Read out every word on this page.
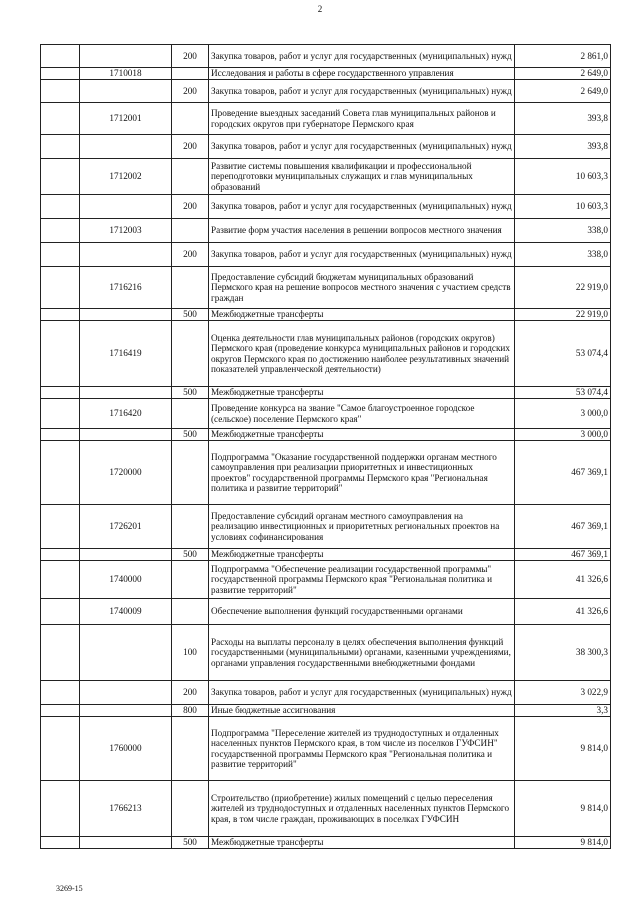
2
		200	Закупка товаров, работ и услуг для государственных (муниципальных) нужд	2 861,0
	1710018		Исследования и работы в сфере государственного управления	2 649,0
		200	Закупка товаров, работ и услуг для государственных (муниципальных) нужд	2 649,0
	1712001		Проведение выездных заседаний Совета глав муниципальных районов и городских округов при губернаторе Пермского края	393,8
		200	Закупка товаров, работ и услуг для государственных (муниципальных) нужд	393,8
	1712002		Развитие системы повышения квалификации и профессиональной переподготовки муниципальных служащих и глав муниципальных образований	10 603,3
		200	Закупка товаров, работ и услуг для государственных (муниципальных) нужд	10 603,3
	1712003		Развитие форм участия населения в решении вопросов местного значения	338,0
		200	Закупка товаров, работ и услуг для государственных (муниципальных) нужд	338,0
	1716216		Предоставление субсидий бюджетам муниципальных образований Пермского края на решение вопросов местного значения с участием средств граждан	22 919,0
		500	Межбюджетные трансферты	22 919,0
	1716419		Оценка деятельности глав муниципальных районов (городских округов) Пермского края (проведение конкурса муниципальных районов и городских округов Пермского края по достижению наиболее результативных значений показателей управленческой деятельности)	53 074,4
		500	Межбюджетные трансферты	53 074,4
	1716420		Проведение конкурса на звание "Самое благоустроенное городское (сельское) поселение Пермского края"	3 000,0
		500	Межбюджетные трансферты	3 000,0
	1720000		Подпрограмма "Оказание государственной поддержки органам местного самоуправления при реализации приоритетных и инвестиционных проектов" государственной программы Пермского края "Региональная политика и развитие территорий"	467 369,1
	1726201		Предоставление субсидий органам местного самоуправления на реализацию инвестиционных и приоритетных региональных проектов на условиях софинансирования	467 369,1
		500	Межбюджетные трансферты	467 369,1
	1740000		Подпрограмма "Обеспечение реализации государственной программы" государственной программы Пермского края "Региональная политика и развитие территорий"	41 326,6
	1740009		Обеспечение выполнения функций государственными органами	41 326,6
		100	Расходы на выплаты персоналу в целях обеспечения выполнения функций государственными (муниципальными) органами, казенными учреждениями, органами управления государственными внебюджетными фондами	38 300,3
		200	Закупка товаров, работ и услуг для государственных (муниципальных) нужд	3 022,9
		800	Иные бюджетные ассигнования	3,3
	1760000		Подпрограмма "Переселение жителей из труднодоступных и отдаленных населенных пунктов Пермского края, в том числе из поселков ГУФСИН" государственной программы Пермского края "Региональная политика и развитие территорий"	9 814,0
	1766213		Строительство (приобретение) жилых помещений с целью переселения жителей из труднодоступных и отдаленных населенных пунктов Пермского края, в том числе граждан, проживающих в поселках ГУФСИН	9 814,0
		500	Межбюджетные трансферты	9 814,0
3269-15
